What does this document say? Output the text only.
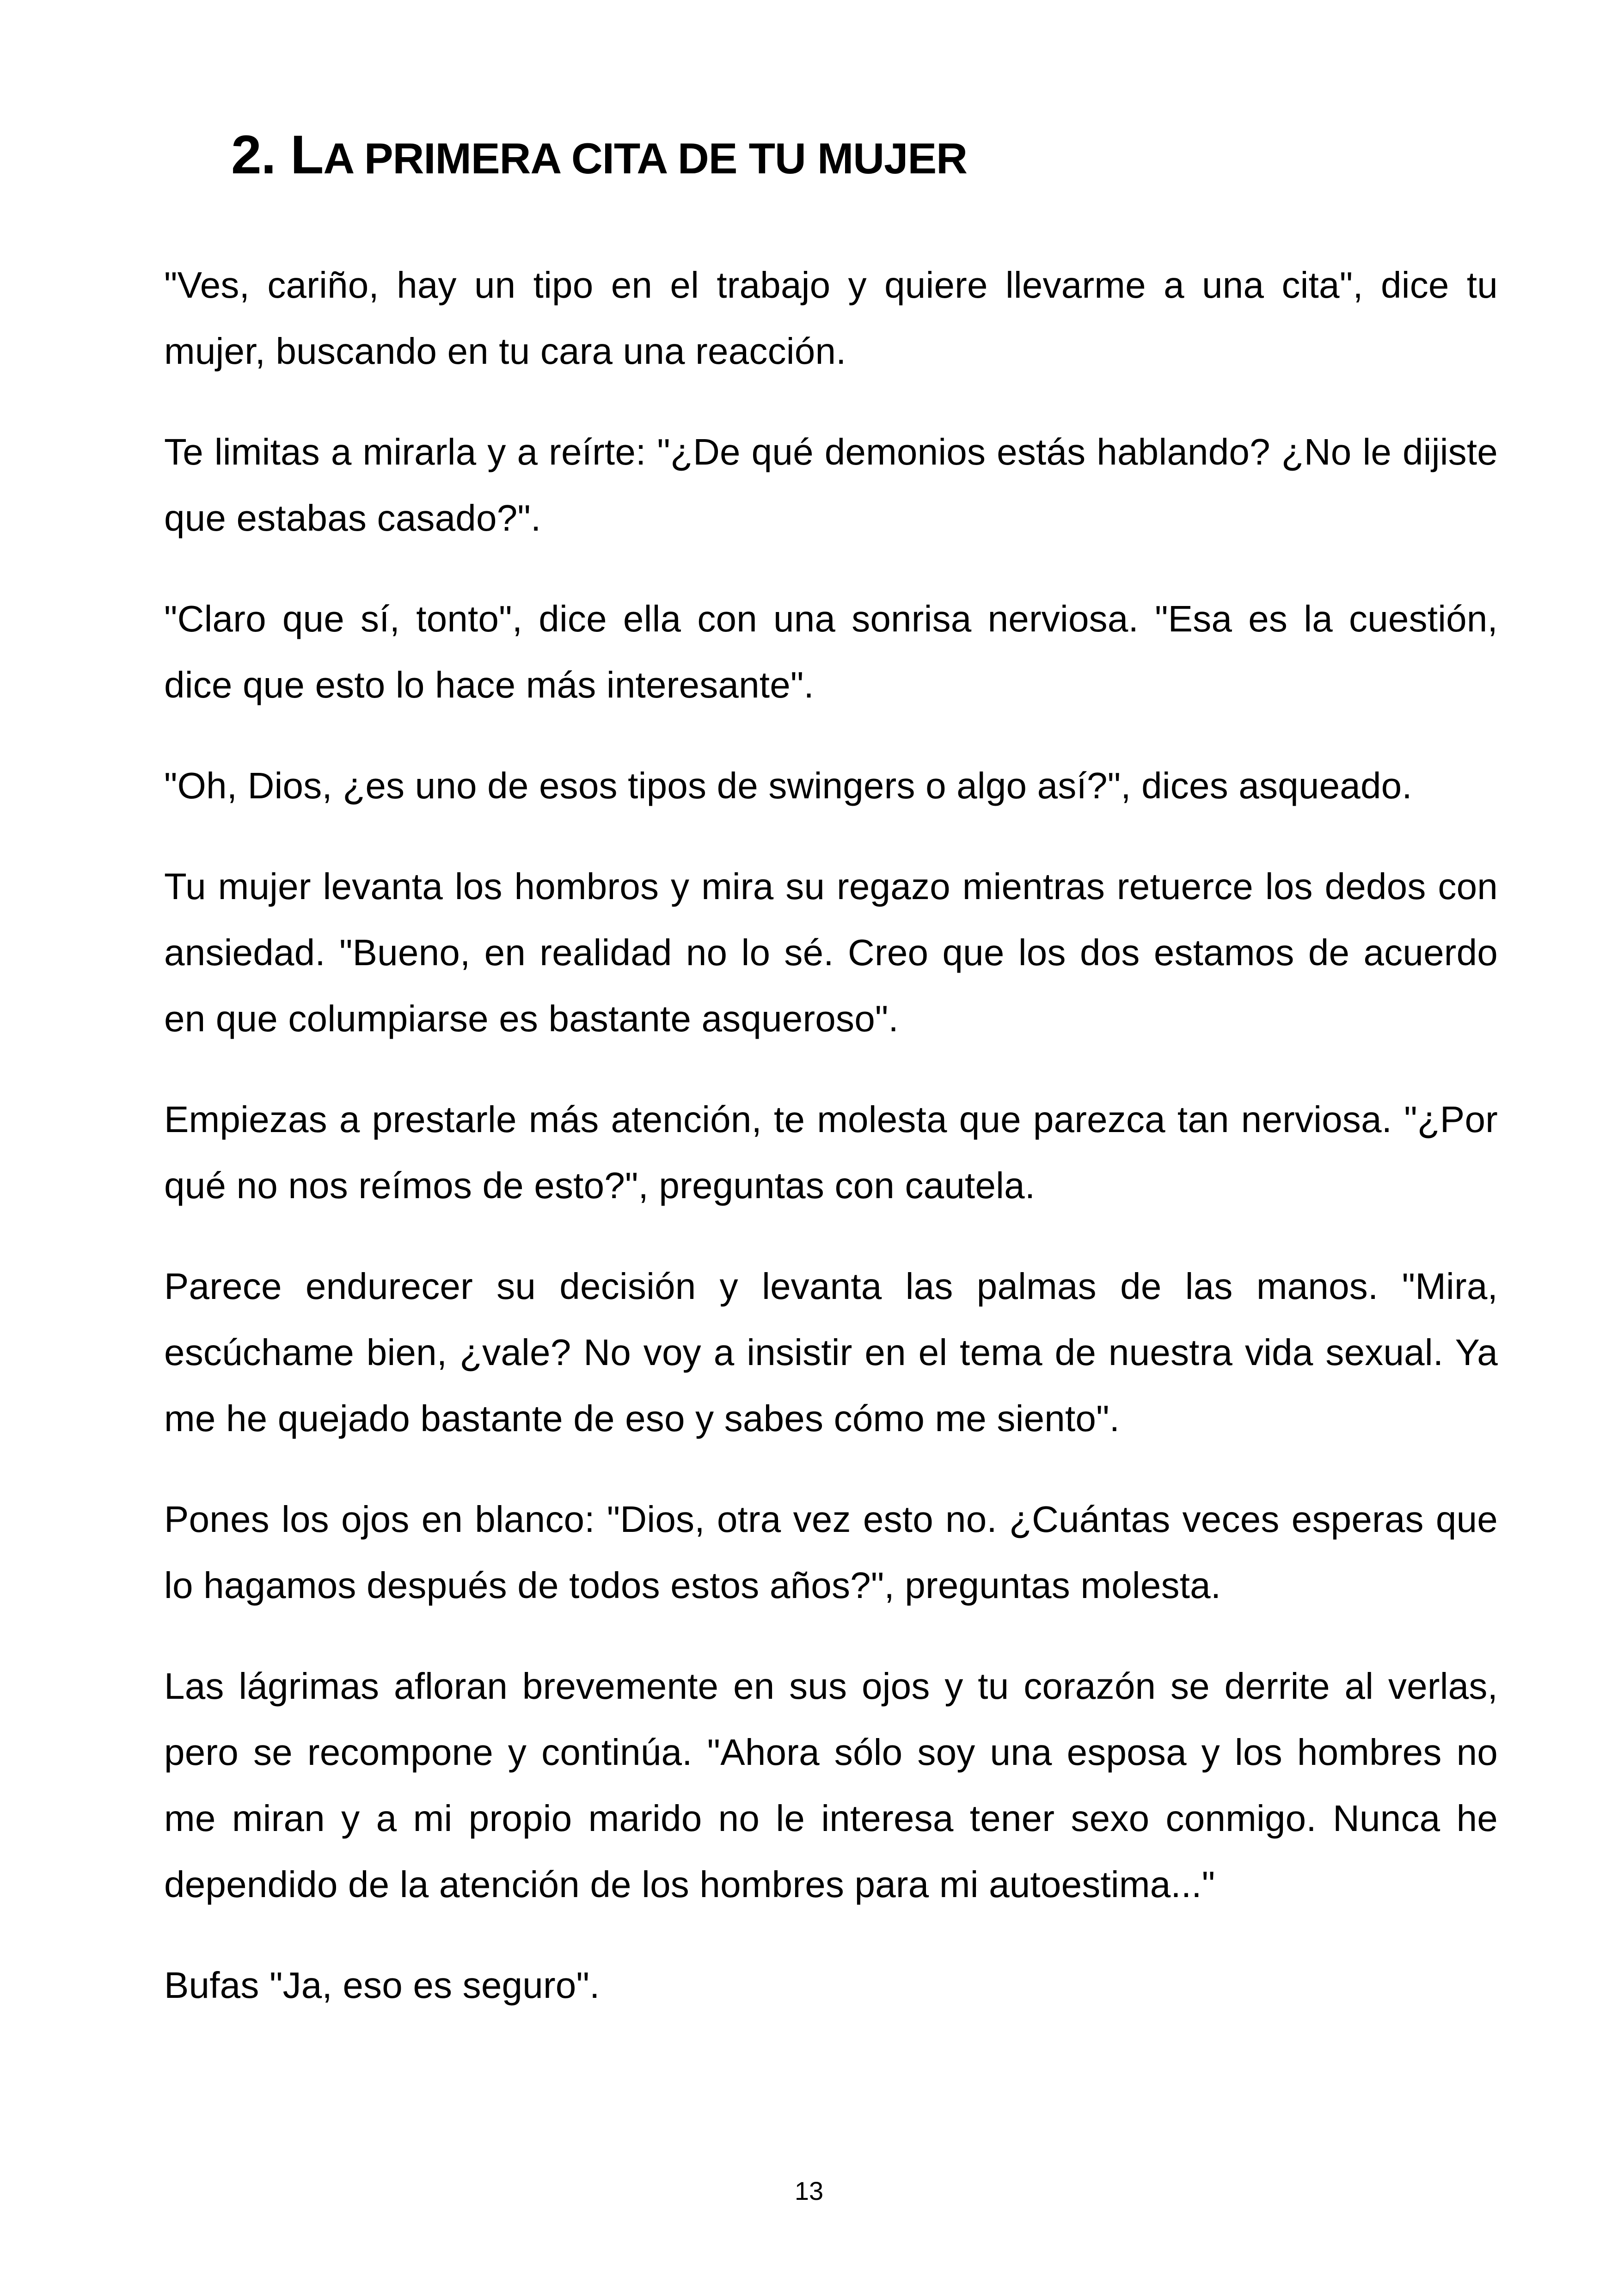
2. LA PRIMERA CITA DE TU MUJER

"Ves, cariño, hay un tipo en el trabajo y quiere llevarme a una cita", dice tu mujer, buscando en tu cara una reacción.

Te limitas a mirarla y a reírte: "¿De qué demonios estás hablando? ¿No le dijiste que estabas casado?".

"Claro que sí, tonto", dice ella con una sonrisa nerviosa. "Esa es la cuestión, dice que esto lo hace más interesante".

"Oh, Dios, ¿es uno de esos tipos de swingers o algo así?", dices asqueado.

Tu mujer levanta los hombros y mira su regazo mientras retuerce los dedos con ansiedad. "Bueno, en realidad no lo sé. Creo que los dos estamos de acuerdo en que columpiarse es bastante asqueroso".

Empiezas a prestarle más atención, te molesta que parezca tan nerviosa. "¿Por qué no nos reímos de esto?", preguntas con cautela.

Parece endurecer su decisión y levanta las palmas de las manos. "Mira, escúchame bien, ¿vale? No voy a insistir en el tema de nuestra vida sexual. Ya me he quejado bastante de eso y sabes cómo me siento".

Pones los ojos en blanco: "Dios, otra vez esto no. ¿Cuántas veces esperas que lo hagamos después de todos estos años?", preguntas molesta.

Las lágrimas afloran brevemente en sus ojos y tu corazón se derrite al verlas, pero se recompone y continúa. "Ahora sólo soy una esposa y los hombres no me miran y a mi propio marido no le interesa tener sexo conmigo. Nunca he dependido de la atención de los hombres para mi autoestima..."

Bufas "Ja, eso es seguro".

13
